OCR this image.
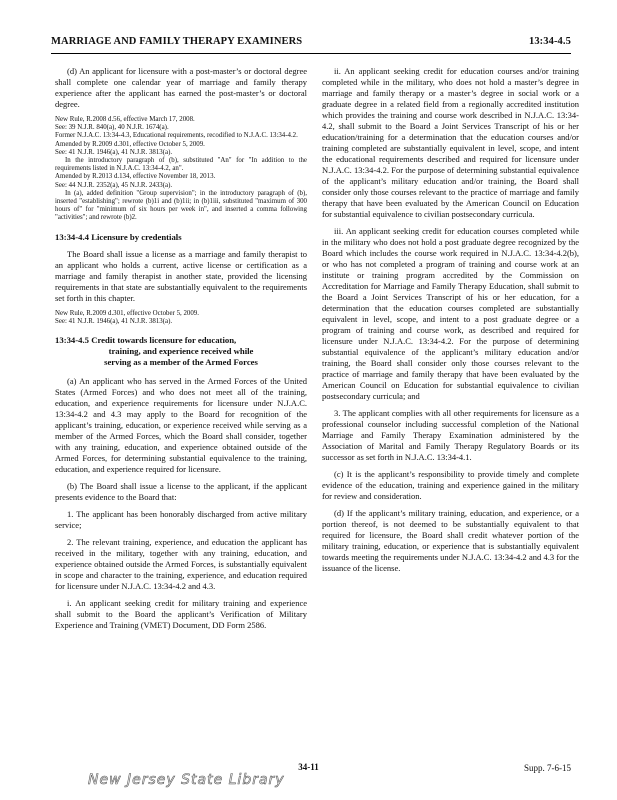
MARRIAGE AND FAMILY THERAPY EXAMINERS	13:34-4.5

(d) An applicant for licensure with a post-master’s or doctoral degree shall complete one calendar year of marriage and family therapy experience after the applicant has earned the post-master’s or doctoral degree.

New Rule, R.2008 d.56, effective March 17, 2008.

See: 39 N.J.R. 840(a), 40 N.J.R. 1674(a).

Former N.J.A.C. 13:34-4.3, Educational requirements, recodified to N.J.A.C. 13:34-4.2.

Amended by R.2009 d.301, effective October 5, 2009.

See: 41 N.J.R. 1946(a), 41 N.J.R. 3813(a).

In the introductory paragraph of (b), substituted "An" for "In addition to the requirements listed in N.J.A.C. 13:34-4.2, an".

Amended by R.2013 d.134, effective November 18, 2013.

See: 44 N.J.R. 2352(a), 45 N.J.R. 2433(a).

In (a), added definition "Group supervision"; in the introductory paragraph of (b), inserted "establishing"; rewrote (b)1i and (b)1ii; in (b)1iii, substituted "maximum of 300 hours of" for "minimum of six hours per week in", and inserted a comma following "activities"; and rewrote (b)2.

13:34-4.4 Licensure by credentials

The Board shall issue a license as a marriage and family therapist to an applicant who holds a current, active license or certification as a marriage and family therapist in another state, provided the licensing requirements in that state are substantially equivalent to the requirements set forth in this chapter.

New Rule, R.2009 d.301, effective October 5, 2009.

See: 41 N.J.R. 1946(a), 41 N.J.R. 3813(a).

13:34-4.5 Credit towards licensure for education,
training, and experience received while
serving as a member of the Armed Forces

(a) An applicant who has served in the Armed Forces of the United States (Armed Forces) and who does not meet all of the training, education, and experience requirements for licensure under N.J.A.C. 13:34-4.2 and 4.3 may apply to the Board for recognition of the applicant’s training, education, or experience received while serving as a member of the Armed Forces, which the Board shall consider, together with any training, education, and experience obtained outside of the Armed Forces, for determining substantial equivalence to the training, education, and experience required for licensure.

(b) The Board shall issue a license to the applicant, if the applicant presents evidence to the Board that:

1. The applicant has been honorably discharged from active military service;

2. The relevant training, experience, and education the applicant has received in the military, together with any training, education, and experience obtained outside the Armed Forces, is substantially equivalent in scope and character to the training, experience, and education required for licensure under N.J.A.C. 13:34-4.2 and 4.3.

i. An applicant seeking credit for military training and experience shall submit to the Board the applicant’s Verification of Military Experience and Training (VMET) Document, DD Form 2586.

ii. An applicant seeking credit for education courses and/or training completed while in the military, who does not hold a master’s degree in marriage and family therapy or a master’s degree in social work or a graduate degree in a related field from a regionally accredited institution which provides the training and course work described in N.J.A.C. 13:34-4.2, shall submit to the Board a Joint Services Transcript of his or her education/training for a determination that the education courses and/or training completed are substantially equivalent in level, scope, and intent the educational requirements described and required for licensure under N.J.A.C. 13:34-4.2. For the purpose of determining substantial equivalence of the applicant’s military education and/or training, the Board shall consider only those courses relevant to the practice of marriage and family therapy that have been evaluated by the American Council on Education for substantial equivalence to civilian postsecondary curricula.

iii. An applicant seeking credit for education courses completed while in the military who does not hold a post graduate degree recognized by the Board which includes the course work required in N.J.A.C. 13:34-4.2(b), or who has not completed a program of training and course work at an institute or training program accredited by the Commission on Accreditation for Marriage and Family Therapy Education, shall submit to the Board a Joint Services Transcript of his or her education, for a determination that the education courses completed are substantially equivalent in level, scope, and intent to a post graduate degree or a program of training and course work, as described and required for licensure under N.J.A.C. 13:34-4.2. For the purpose of determining substantial equivalence of the applicant’s military education and/or training, the Board shall consider only those courses relevant to the practice of marriage and family therapy that have been evaluated by the American Council on Education for substantial equivalence to civilian postsecondary curricula; and

3. The applicant complies with all other requirements for licensure as a professional counselor including successful completion of the National Marriage and Family Therapy Examination administered by the Association of Marital and Family Therapy Regulatory Boards or its successor as set forth in N.J.A.C. 13:34-4.1.

(c) It is the applicant’s responsibility to provide timely and complete evidence of the education, training and experience gained in the military for review and consideration.

(d) If the applicant’s military training, education, and experience, or a portion thereof, is not deemed to be substantially equivalent to that required for licensure, the Board shall credit whatever portion of the military training, education, or experience that is substantially equivalent towards meeting the requirements under N.J.A.C. 13:34-4.2 and 4.3 for the issuance of the license.

34-11	Supp. 7-6-15
New Jersey State Library
